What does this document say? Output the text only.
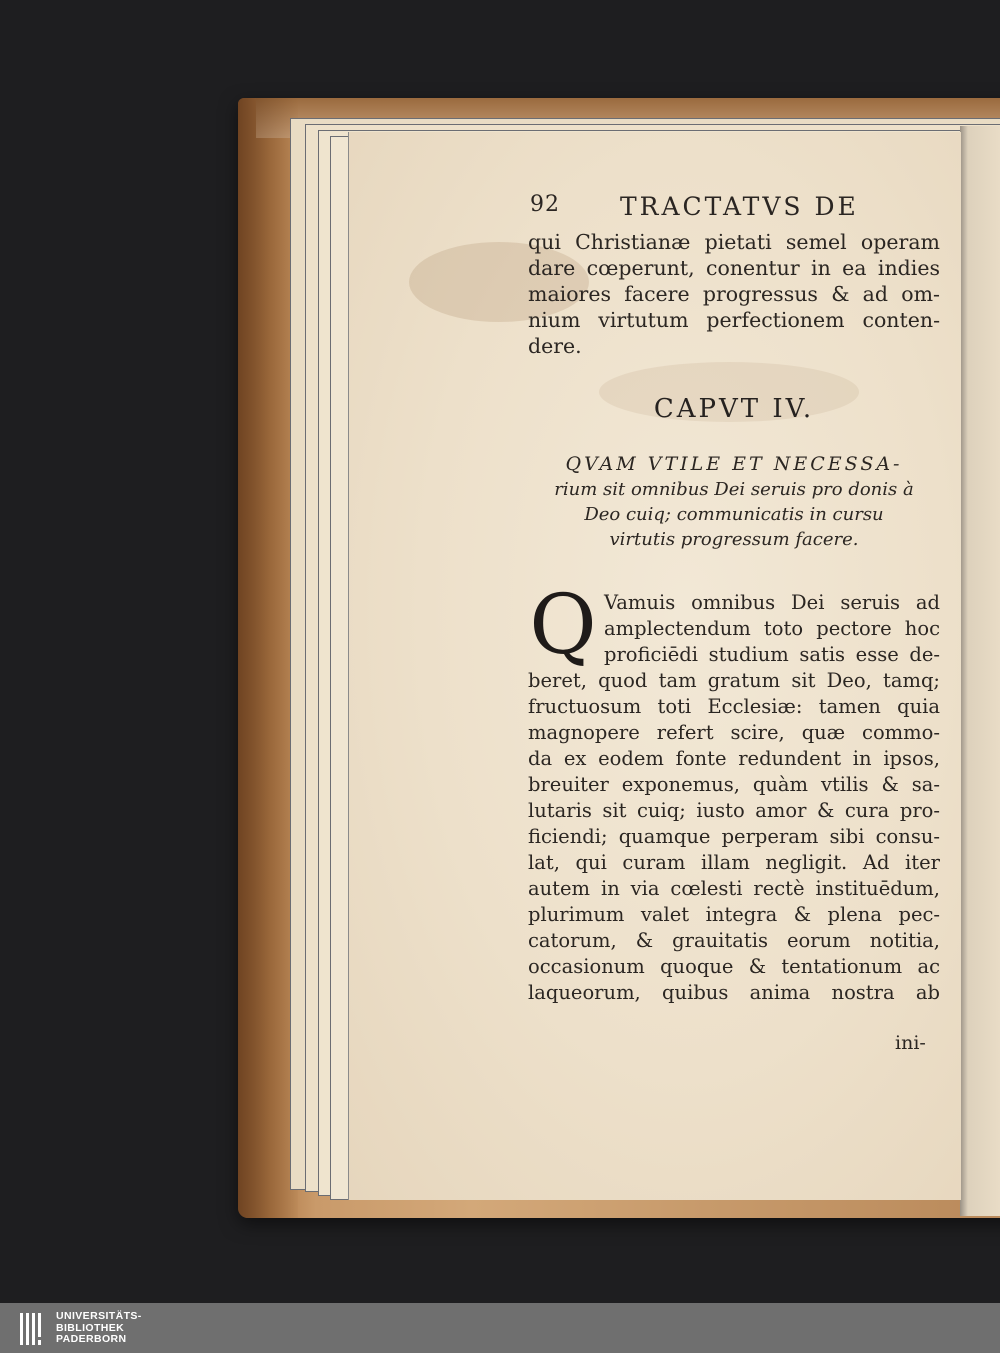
92 TRACTATVS DE
qui Christianæ pietati semel operam
dare cœperunt, conentur in ea indies
maiores facere progressus & ad om-
nium virtutum perfectionem conten-
dere.
CAPVT IV.
QVAM VTILE ET NECESSA-
rium sit omnibus Dei seruis pro donis à
Deo cuiq; communicatis in cursu
virtutis progressum facere.
Q Vamuis omnibus Dei seruis ad
amplectendum toto pectore hoc
proficiēdi studium satis esse de-
beret, quod tam gratum sit Deo, tamq;
fructuosum toti Ecclesiæ: tamen quia
magnopere refert scire, quæ commo-
da ex eodem fonte redundent in ipsos,
breuiter exponemus, quàm vtilis & sa-
lutaris sit cuiq; iusto amor & cura pro-
ficiendi; quamque perperam sibi consu-
lat, qui curam illam negligit. Ad iter
autem in via cœlesti rectè instituēdum,
plurimum valet integra & plena pec-
catorum, & grauitatis eorum notitia,
occasionum quoque & tentationum ac
laqueorum, quibus anima nostra ab
ini-
UNIVERSITÄTS-
BIBLIOTHEK
PADERBORN
